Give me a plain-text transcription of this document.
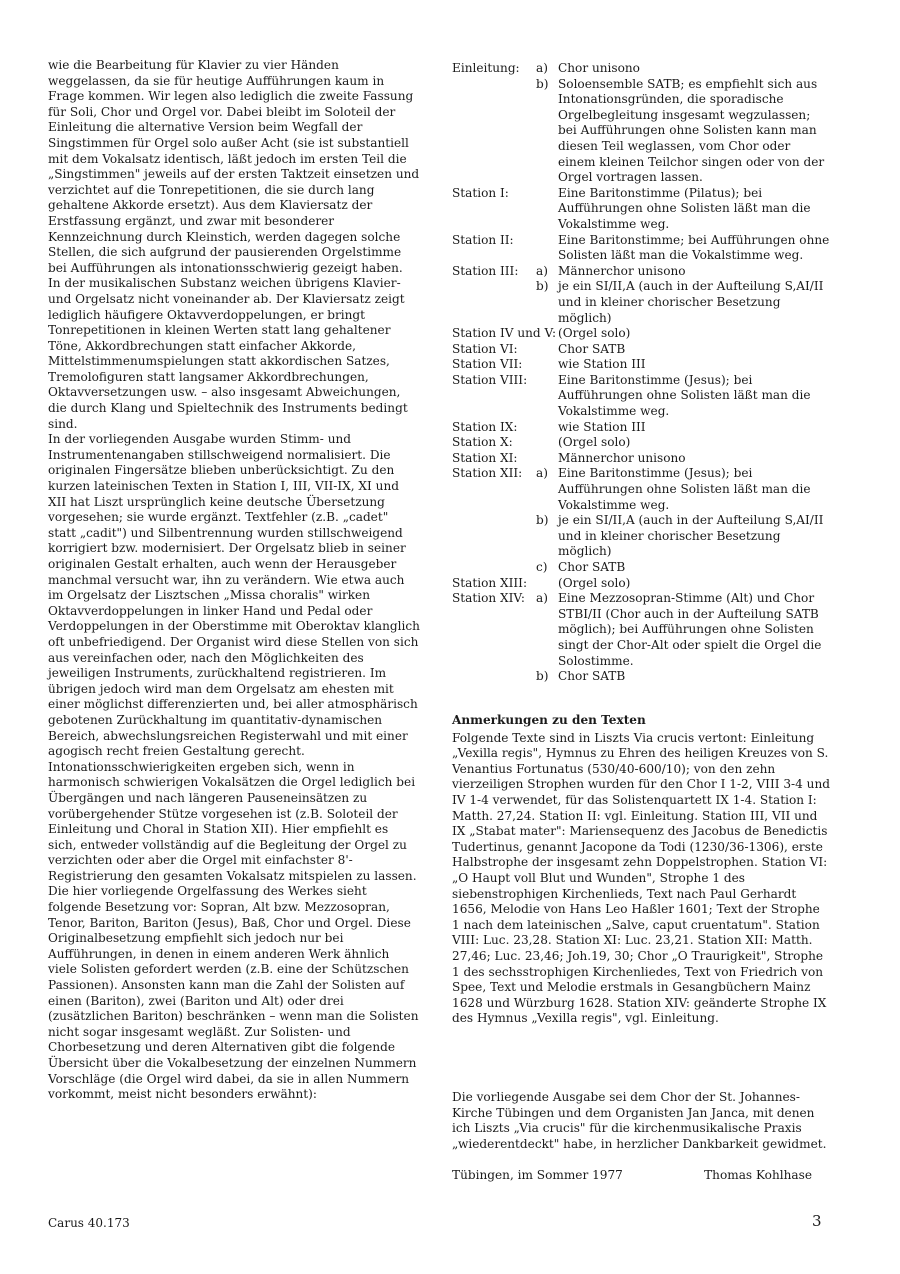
wie die Bearbeitung für Klavier zu vier Händen weggelassen, da sie für heutige Aufführungen kaum in Frage kommen. Wir legen also lediglich die zweite Fassung für Soli, Chor und Orgel vor. Dabei bleibt im Soloteil der Einleitung die alternative Version beim Wegfall der Singstimmen für Orgel solo außer Acht (sie ist substantiell mit dem Vokalsatz identisch, läßt jedoch im ersten Teil die „Singstimmen" jeweils auf der ersten Taktzeit einsetzen und verzichtet auf die Tonrepetitionen, die sie durch lang gehaltene Akkorde ersetzt). Aus dem Klaviersatz der Erstfassung ergänzt, und zwar mit besonderer Kennzeichnung durch Kleinstich, werden dagegen solche Stellen, die sich aufgrund der pausierenden Orgelstimme bei Aufführungen als intonationsschwierig gezeigt haben.

In der musikalischen Substanz weichen übrigens Klavier- und Orgelsatz nicht voneinander ab. Der Klaviersatz zeigt lediglich häufigere Oktavverdoppelungen, er bringt Tonrepetitionen in kleinen Werten statt lang gehaltener Töne, Akkordbrechungen statt einfacher Akkorde, Mittelstimmenumspielungen statt akkordischen Satzes, Tremolofiguren statt langsamer Akkordbrechungen, Oktavversetzungen usw. – also insgesamt Abweichungen, die durch Klang und Spieltechnik des Instruments bedingt sind.

In der vorliegenden Ausgabe wurden Stimm- und Instrumentenangaben stillschweigend normalisiert. Die originalen Fingersätze blieben unberücksichtigt. Zu den kurzen lateinischen Texten in Station I, III, VII-IX, XI und XII hat Liszt ursprünglich keine deutsche Übersetzung vorgesehen; sie wurde ergänzt. Textfehler (z.B. „cadet" statt „cadit") und Silbentrennung wurden stillschweigend korrigiert bzw. modernisiert. Der Orgelsatz blieb in seiner originalen Gestalt erhalten, auch wenn der Herausgeber manchmal versucht war, ihn zu verändern. Wie etwa auch im Orgelsatz der Lisztschen „Missa choralis" wirken Oktavverdoppelungen in linker Hand und Pedal oder Verdoppelungen in der Oberstimme mit Oberoktav klanglich oft unbefriedigend. Der Organist wird diese Stellen von sich aus vereinfachen oder, nach den Möglichkeiten des jeweiligen Instruments, zurückhaltend registrieren. Im übrigen jedoch wird man dem Orgelsatz am ehesten mit einer möglichst differenzierten und, bei aller atmosphärisch gebotenen Zurückhaltung im quantitativ-dynamischen Bereich, abwechslungsreichen Registerwahl und mit einer agogisch recht freien Gestaltung gerecht.

Intonationsschwierigkeiten ergeben sich, wenn in harmonisch schwierigen Vokalsätzen die Orgel lediglich bei Übergängen und nach längeren Pauseneinsätzen zu vorübergehender Stütze vorgesehen ist (z.B. Soloteil der Einleitung und Choral in Station XII). Hier empfiehlt es sich, entweder vollständig auf die Begleitung der Orgel zu verzichten oder aber die Orgel mit einfachster 8'-Registrierung den gesamten Vokalsatz mitspielen zu lassen.

Die hier vorliegende Orgelfassung des Werkes sieht folgende Besetzung vor: Sopran, Alt bzw. Mezzosopran, Tenor, Bariton, Bariton (Jesus), Baß, Chor und Orgel. Diese Originalbesetzung empfiehlt sich jedoch nur bei Aufführungen, in denen in einem anderen Werk ähnlich viele Solisten gefordert werden (z.B. eine der Schützschen Passionen). Ansonsten kann man die Zahl der Solisten auf einen (Bariton), zwei (Bariton und Alt) oder drei (zusätzlichen Bariton) beschränken – wenn man die Solisten nicht sogar insgesamt wegläßt. Zur Solisten- und Chorbesetzung und deren Alternativen gibt die folgende Übersicht über die Vokalbesetzung der einzelnen Nummern Vorschläge (die Orgel wird dabei, da sie in allen Nummern vorkommt, meist nicht besonders erwähnt):

Einleitung:	a) Chor unisono
b) Soloensemble SATB; es empfiehlt sich aus Intonationsgründen, die sporadische Orgelbegleitung insgesamt wegzulassen; bei Aufführungen ohne Solisten kann man diesen Teil weglassen, vom Chor oder einem kleinen Teilchor singen oder von der Orgel vortragen lassen.
Station I:	Eine Baritonstimme (Pilatus); bei Aufführungen ohne Solisten läßt man die Vokalstimme weg.
Station II:	Eine Baritonstimme; bei Aufführungen ohne Solisten läßt man die Vokalstimme weg.
Station III:	a) Männerchor unisono
b) je ein SI/II,A (auch in der Aufteilung S,AI/II und in kleiner chorischer Besetzung möglich)
Station IV und V: (Orgel solo)
Station VI:	Chor SATB
Station VII:	wie Station III
Station VIII:	Eine Baritonstimme (Jesus); bei Aufführungen ohne Solisten läßt man die Vokalstimme weg.
Station IX:	wie Station III
Station X:	(Orgel solo)
Station XI:	Männerchor unisono
Station XII:	a) Eine Baritonstimme (Jesus); bei Aufführungen ohne Solisten läßt man die Vokalstimme weg.
b) je ein SI/II,A (auch in der Aufteilung S,AI/II und in kleiner chorischer Besetzung möglich)
c) Chor SATB
Station XIII:	(Orgel solo)
Station XIV: a) Eine Mezzosopran-Stimme (Alt) und Chor STBI/II (Chor auch in der Aufteilung SATB möglich); bei Aufführungen ohne Solisten singt der Chor-Alt oder spielt die Orgel die Solostimme.
b) Chor SATB
Anmerkungen zu den Texten
Folgende Texte sind in Liszts Via crucis vertont: Einleitung „Vexilla regis", Hymnus zu Ehren des heiligen Kreuzes von S. Venantius Fortunatus (530/40-600/10); von den zehn vierzeiligen Strophen wurden für den Chor I 1-2, VIII 3-4 und IV 1-4 verwendet, für das Solistenquartett IX 1-4. Station I: Matth. 27,24. Station II: vgl. Einleitung. Station III, VII und IX „Stabat mater": Mariensequenz des Jacobus de Benedictis Tudertinus, genannt Jacopone da Todi (1230/36-1306), erste Halbstrophe der insgesamt zehn Doppelstrophen. Station VI: „O Haupt voll Blut und Wunden", Strophe 1 des siebenstrophigen Kirchenlieds, Text nach Paul Gerhardt 1656, Melodie von Hans Leo Haßler 1601; Text der Strophe 1 nach dem lateinischen „Salve, caput cruentatum". Station VIII: Luc. 23,28. Station XI: Luc. 23,21. Station XII: Matth. 27,46; Luc. 23,46; Joh.19, 30; Chor „O Traurigkeit", Strophe 1 des sechsstrophigen Kirchenliedes, Text von Friedrich von Spee, Text und Melodie erstmals in Gesangbüchern Mainz 1628 und Würzburg 1628. Station XIV: geänderte Strophe IX des Hymnus „Vexilla regis", vgl. Einleitung.
Die vorliegende Ausgabe sei dem Chor der St. Johannes-Kirche Tübingen und dem Organisten Jan Janca, mit denen ich Liszts „Via crucis" für die kirchenmusikalische Praxis „wiederentdeckt" habe, in herzlicher Dankbarkeit gewidmet.
Tübingen, im Sommer 1977	Thomas Kohlhase
Carus 40.173	3
